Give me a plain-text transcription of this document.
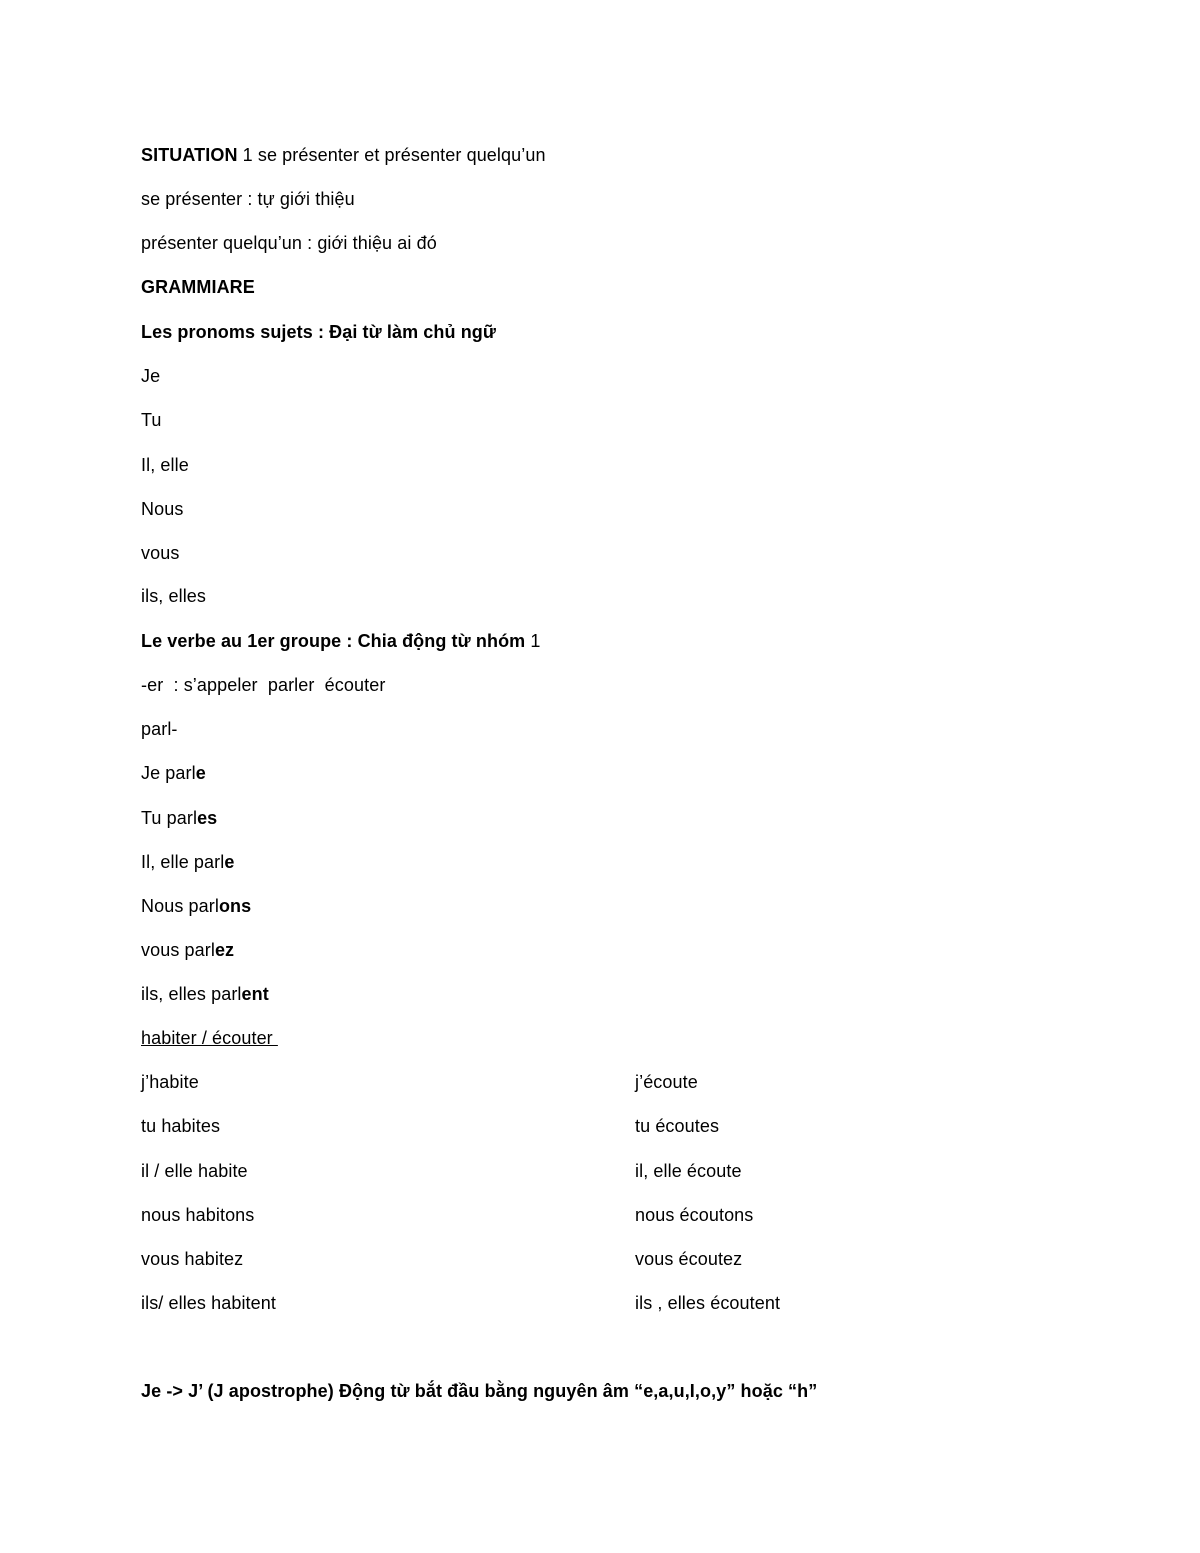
SITUATION 1 se présenter et présenter quelqu’un
se présenter : tự giới thiệu
présenter quelqu’un : giới thiệu ai đó
GRAMMIARE
Les pronoms sujets : Đại từ làm chủ ngữ
Je
Tu
Il, elle
Nous
vous
ils, elles
Le verbe au 1er groupe : Chia động từ nhóm 1
-er  : s’appeler  parler  écouter
parl-
Je parle
Tu parles
Il, elle parle
Nous parlons
vous parlez
ils, elles parlent
habiter / écouter
j’habite	j’écoute
tu habites	tu écoutes
il / elle habite	il, elle écoute
nous habitons	nous écoutons
vous habitez	vous écoutez
ils/ elles habitent	ils , elles écoutent
Je -> J’ (J apostrophe) Động từ bắt đầu bằng nguyên âm “e,a,u,I,o,y” hoặc “h”
